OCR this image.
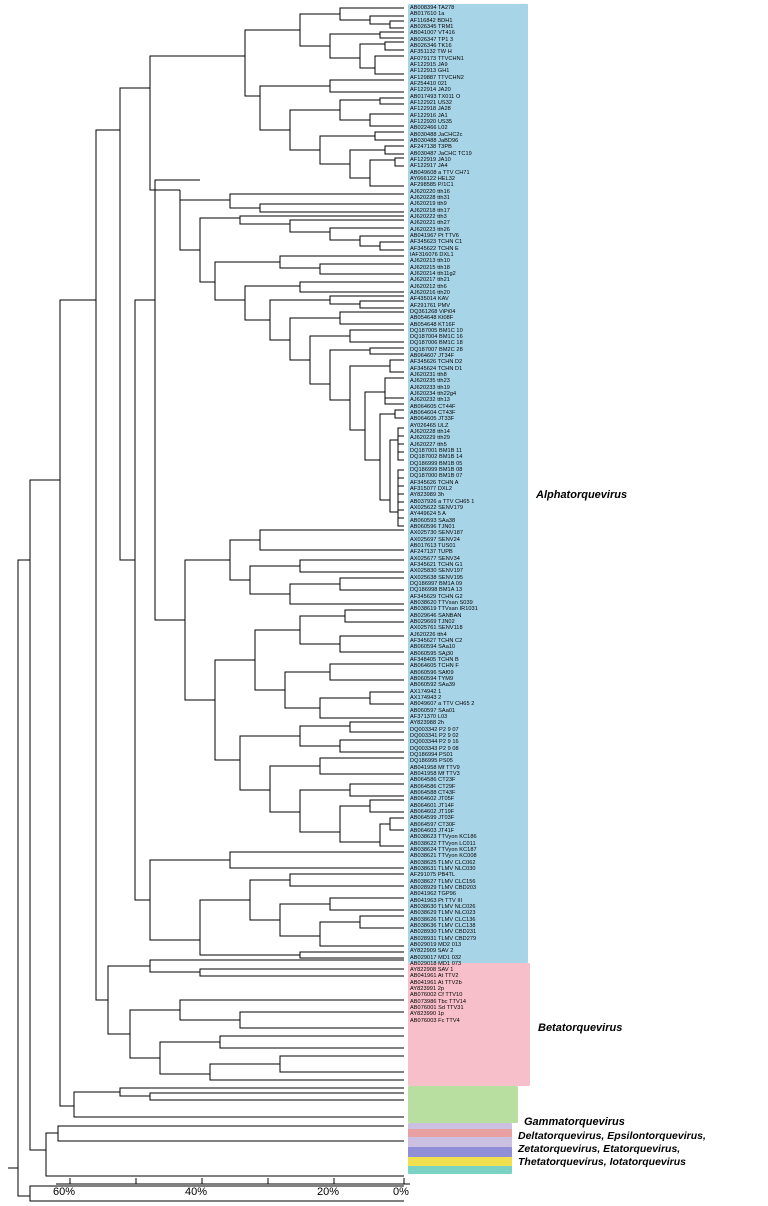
AB008394 TA278
AB017610 1a
AF116842 BDH1
AB026345 TRM1
AB041007 VT416
AB026347 TP1 3
AB026346 TK16
AF351132 TW H
AF079173 TTVCHN1
AF122915 JA9
AF122913 GH1
AF129887 TTVCHN2
AF254410 021
AF122914 JA20
AB017493 TX011 O
AF122921 US32
AF122918 JA28
AF122916 JA1
AF122920 US35
AB022466 L02
AB030488 JaCHC2c
AB030488 JaBD96
AF247138 T3PB
AB030487 JaCHC TC19
AF122919 JA10
AF122917 JA4
AB049608 a TTV CH71
AY666122 HEL32
AF298585 P/1C1
AJ620220 tth16
AJ620228 tth31
AJ620219 tth9
AJ620218 tth17
AJ620222 tth3
AJ620221 tth27
AJ620223 tth26
AB041967 Pt TTV6
AF345623 TCHN C1
AF345622 TCHN E
IAF316076 DXL1
AJ620213 tth10
AJ620215 tth18
AJ620214 tth11g2
AJ620217 tth21
AJ620212 tth6
AJ620216 tth20
AF435014 KAV
AF291761 PMV
DQ361268 ViPi04
AB054648 Kt08F
AB054648 KT16F
DQ187005 BM1C 10
DQ187004 BM1C 16
DQ187006 BM1C 18
DQ187007 BM2C 28
AB064607 JT34F
AF345626 TCHN D2
AF345624 TCHN D1
AJ620231 tth8
AJ620235 tth23
AJ620233 tth19
AJ620234 tth22g4
AJ620232 tth13
AB064605 CT44F
AB064604 CT43F
AB064605 JT33F
AY026465 ULZ
AJ620228 tth14
AJ620229 tth29
AJ620227 tth5
DQ187001 BM1B 11
DQ187002 BM1B 14
DQ186999 BM1B 05
DQ186999 BM1B 08
DQ187000 BM1B 07
AF345626 TCHN A
AF315077 DXL2
AY823989 3h
AB037926 a TTV CH65 1
AX025622 SENV179
AY449624 5 A
AB060593 SAa38
AB060596 TJN01
AX025730 SENV187
AX025697 SENV24
AB017613 TUS01
AF247137 TUPB
AX025677 SENV34
AF345621 TCHN G1
AX025830 SENV197
AX025638 SENV195
DQ186997 BM1A 09
DQ186998 BM1A 13
AF345629 TCHN G2
AB038620 TTVsan S039
AB038619 TTVsan IR1031
AB029646 SANBAN
AB029669 TJN02
AX025761 SENV118
AJ620226 tth4
AF345627 TCHN C2
AB060594 SAa10
AB060595 SAj30
AF348405 TCHN B
AB064605 TCHN F
AB060596 SAf09
AB060594 TYM9
AB060592 SAa39
AX174942 1
AX174943 2
AB049607 a TTV CH65 2
AB060597 SAa01
AF371370 L03
AY823988 2h
DQ003342 P2 9 07
DQ003341 P2 9 02
DQ003344 P2 9 16
DQ003343 P2 9 08
DQ186994 PS01
DQ186995 PS05
AB041958 Mf TTV9
AB041958 Mf TTV3
AB064586 CT23F
AB064586 CT29F
AB064588 CT43F
AB064602 JT05F
AB064601 JT14F
AB064602 JT19F
AB064599 JT03F
AB064597 CT30F
AB064603 JT41F
AB038623 TTVyon KC186
AB038622 TTVyon LC011
AB038624 TTVyon KC187
AB038621 TTVyon KC008
AB038625 TLMV CLC062
AB038631 TLMV NLC030
AF291075 PB4TL
AB038627 TLMV CLC156
AB028929 TLMV CBD203
AB041962 TGP96
AB041963 Pt TTV III
AB038630 TLMV NLC026
AB038629 TLMV NLC023
AB038626 TLMV CLC136
AB038636 TLMV CLC138
AB028930 TLMV CBD231
AB028931 TLMV CBD279
AB029019 MD2 013
AY822909 SAV 2
AB029017 MD1 032
AB029018 MD1 073
AY822908 SAV 1
AB041961 At TTV2
AB041961 At TTV2b
AY823991 2p
AB076002 Cf TTV10
AB073986 Tbc TTV14
AB076001 Sd TTV31
AY823990 1p
AB076003 Fc TTV4
Alphatorquevirus
Betatorquevirus
Gammatorquevirus
Deltatorquevirus, Epsilontorquevirus, Zetatorquevirus, Etatorquevirus, Thetatorquevirus, Iotatorquevirus
60%	40%	20%	0%
